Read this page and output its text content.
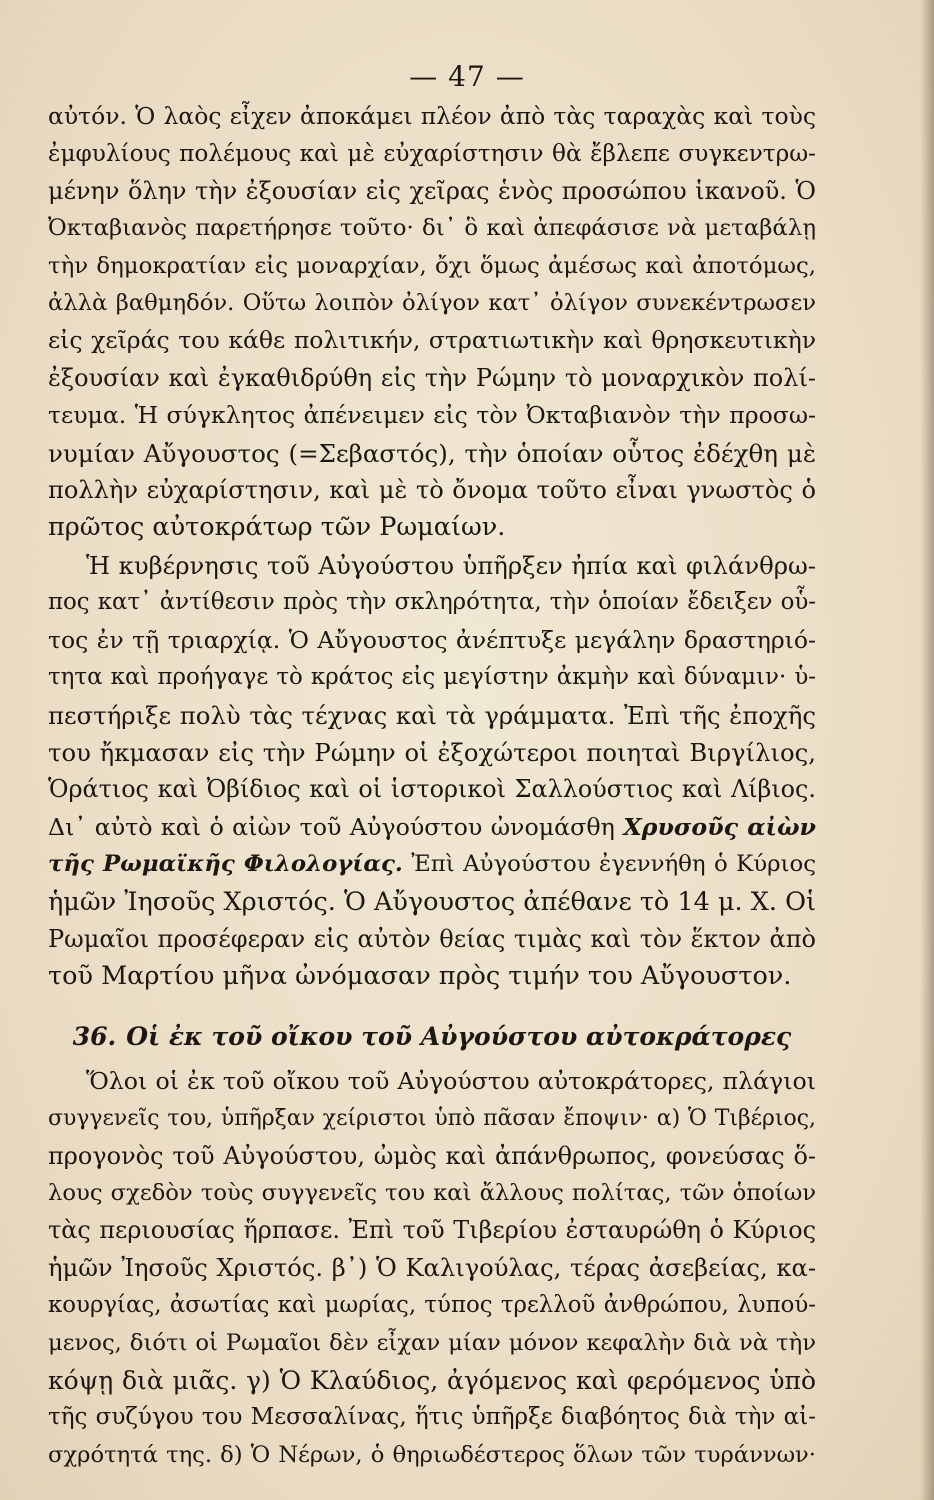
— 47 —
αὐτόν. Ὁ λαὸς εἶχεν ἀποκάμει πλέον ἀπὸ τὰς ταραχὰς καὶ τοὺς
ἐμφυλίους πολέμους καὶ μὲ εὐχαρίστησιν θὰ ἔβλεπε συγκεντρω-
μένην ὅλην τὴν ἐξουσίαν εἰς χεῖρας ἑνὸς προσώπου ἱκανοῦ. Ὁ
Ὀκταβιανὸς παρετήρησε τοῦτο· δι᾽ ὃ καὶ ἀπεφάσισε νὰ μεταβάλῃ
τὴν δημοκρατίαν εἰς μοναρχίαν, ὄχι ὅμως ἀμέσως καὶ ἀποτόμως,
ἀλλὰ βαθμηδόν. Οὕτω λοιπὸν ὀλίγον κατ᾽ ὀλίγον συνεκέντρωσεν
εἰς χεῖράς του κάθε πολιτικήν, στρατιωτικὴν καὶ θρησκευτικὴν
ἐξουσίαν καὶ ἐγκαθιδρύθη εἰς τὴν Ρώμην τὸ μοναρχικὸν πολί-
τευμα. Ἡ σύγκλητος ἀπένειμεν εἰς τὸν Ὀκταβιανὸν τὴν προσω-
νυμίαν Αὔγουστος (=Σεβαστός), τὴν ὁποίαν οὗτος ἐδέχθη μὲ
πολλὴν εὐχαρίστησιν, καὶ μὲ τὸ ὄνομα τοῦτο εἶναι γνωστὸς ὁ
πρῶτος αὐτοκράτωρ τῶν Ρωμαίων.
Ἡ κυβέρνησις τοῦ Αὐγούστου ὑπῆρξεν ἠπία καὶ φιλάνθρω-
πος κατ᾽ ἀντίθεσιν πρὸς τὴν σκληρότητα, τὴν ὁποίαν ἔδειξεν οὗ-
τος ἐν τῇ τριαρχίᾳ. Ὁ Αὔγουστος ἀνέπτυξε μεγάλην δραστηριό-
τητα καὶ προήγαγε τὸ κράτος εἰς μεγίστην ἀκμὴν καὶ δύναμιν· ὑ-
πεστήριξε πολὺ τὰς τέχνας καὶ τὰ γράμματα. Ἐπὶ τῆς ἐποχῆς
του ἤκμασαν εἰς τὴν Ρώμην οἱ ἐξοχώτεροι ποιηταὶ Βιργίλιος,
Ὁράτιος καὶ Ὀβίδιος καὶ οἱ ἱστορικοὶ Σαλλούστιος καὶ Λίβιος.
Δι᾽ αὐτὸ καὶ ὁ αἰὼν τοῦ Αὐγούστου ὠνομάσθη Χρυσοῦς αἰὼν
τῆς Ρωμαϊκῆς Φιλολογίας. Ἐπὶ Αὐγούστου ἐγεννήθη ὁ Κύριος
ἡμῶν Ἰησοῦς Χριστός. Ὁ Αὔγουστος ἀπέθανε τὸ 14 μ. Χ. Οἱ
Ρωμαῖοι προσέφεραν εἰς αὐτὸν θείας τιμὰς καὶ τὸν ἕκτον ἀπὸ
τοῦ Μαρτίου μῆνα ὠνόμασαν πρὸς τιμήν του Αὔγουστον.
36. Οἱ ἐκ τοῦ οἴκου τοῦ Αὐγούστου αὐτοκράτορες
Ὅλοι οἱ ἐκ τοῦ οἴκου τοῦ Αὐγούστου αὐτοκράτορες, πλάγιοι
συγγενεῖς του, ὑπῆρξαν χείριστοι ὑπὸ πᾶσαν ἔποψιν· α) Ὁ Τιβέριος,
προγονὸς τοῦ Αὐγούστου, ὠμὸς καὶ ἀπάνθρωπος, φονεύσας ὅ-
λους σχεδὸν τοὺς συγγενεῖς του καὶ ἄλλους πολίτας, τῶν ὁποίων
τὰς περιουσίας ἥρπασε. Ἐπὶ τοῦ Τιβερίου ἐσταυρώθη ὁ Κύριος
ἡμῶν Ἰησοῦς Χριστός. β᾽) Ὁ Καλιγούλας, τέρας ἀσεβείας, κα-
κουργίας, ἀσωτίας καὶ μωρίας, τύπος τρελλοῦ ἀνθρώπου, λυπού-
μενος, διότι οἱ Ρωμαῖοι δὲν εἶχαν μίαν μόνον κεφαλὴν διὰ νὰ τὴν
κόψῃ διὰ μιᾶς. γ) Ὁ Κλαύδιος, ἀγόμενος καὶ φερόμενος ὑπὸ
τῆς συζύγου του Μεσσαλίνας, ἥτις ὑπῆρξε διαβόητος διὰ τὴν αἰ-
σχρότητά της. δ) Ὁ Νέρων, ὁ θηριωδέστερος ὅλων τῶν τυράννων·
